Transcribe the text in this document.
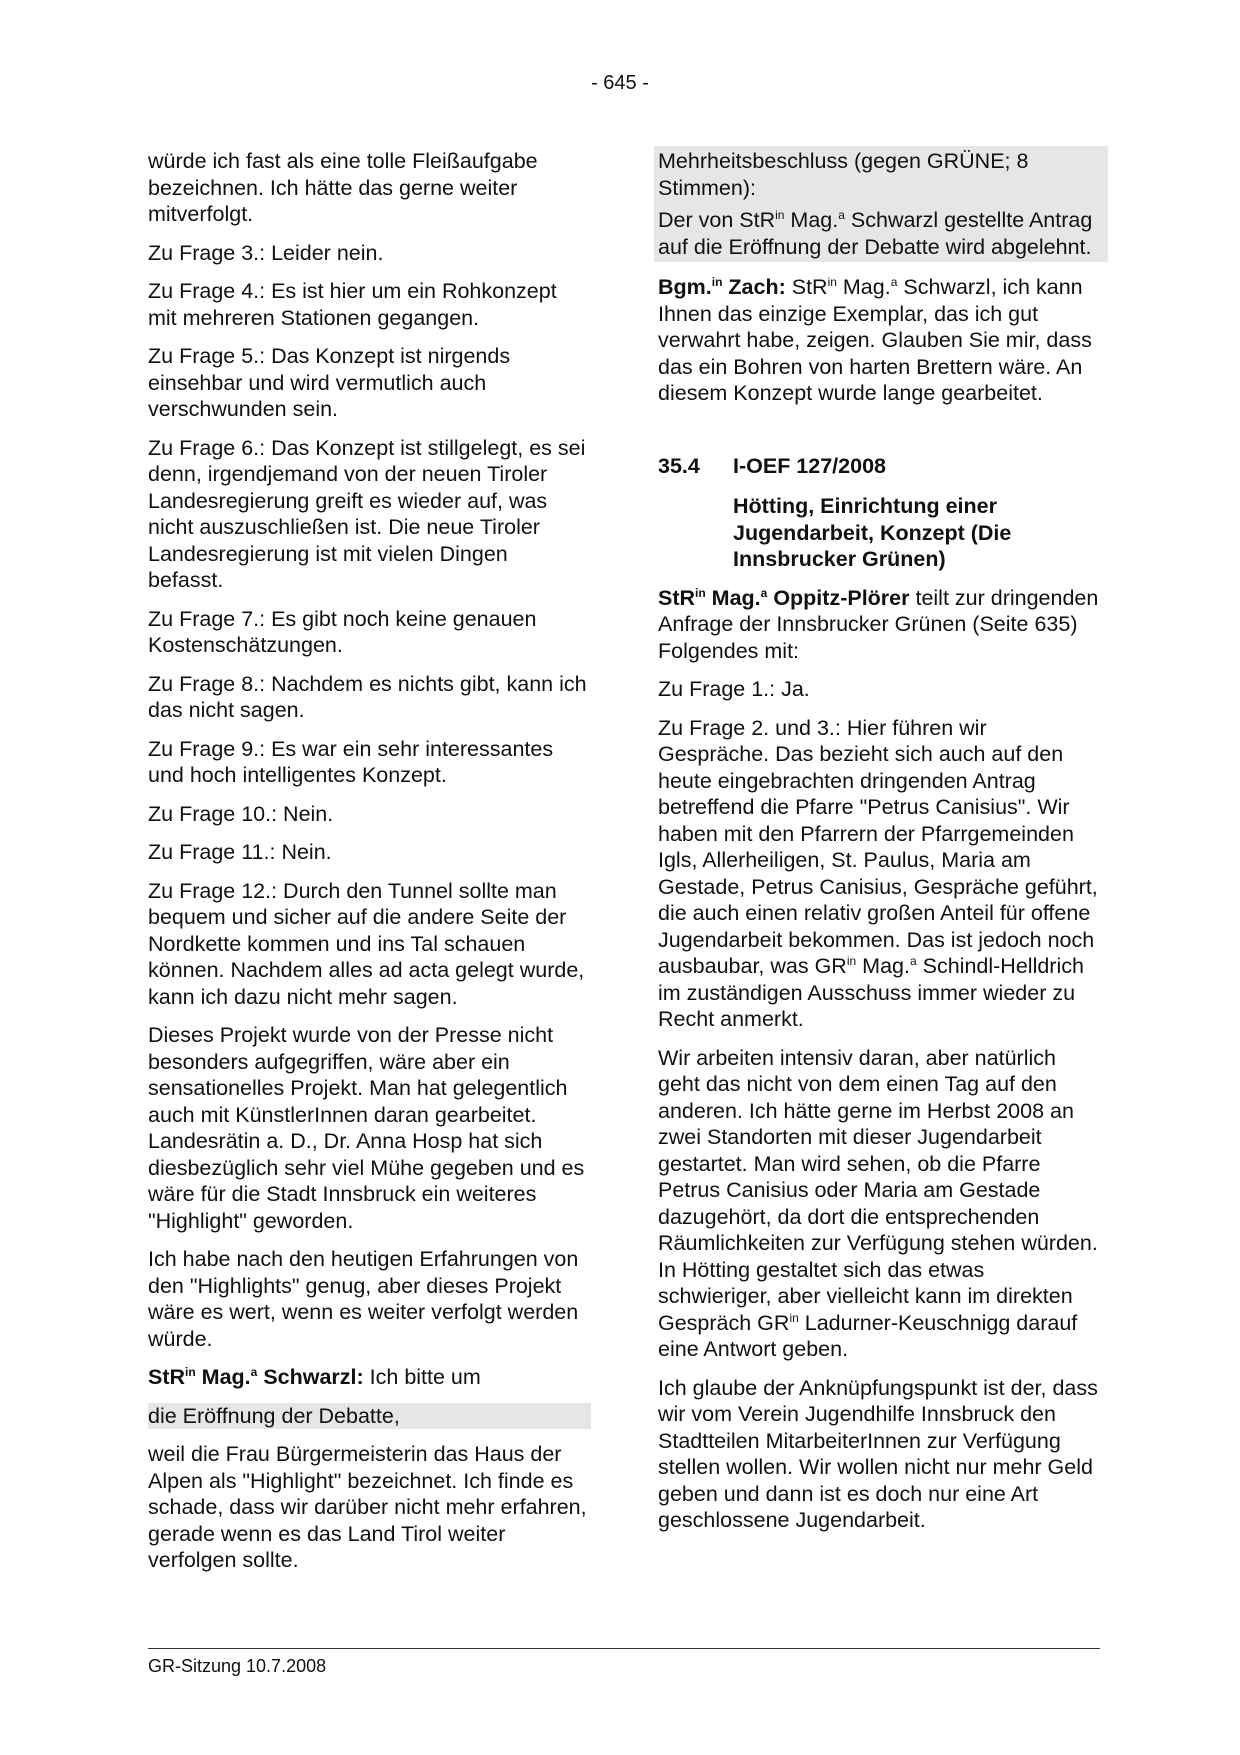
- 645 -

würde ich fast als eine tolle Fleißaufgabe bezeichnen. Ich hätte das gerne weiter mitverfolgt.

Zu Frage 3.: Leider nein.

Zu Frage 4.: Es ist hier um ein Rohkonzept mit mehreren Stationen gegangen.

Zu Frage 5.: Das Konzept ist nirgends einsehbar und wird vermutlich auch verschwunden sein.

Zu Frage 6.: Das Konzept ist stillgelegt, es sei denn, irgendjemand von der neuen Tiroler Landesregierung greift es wieder auf, was nicht auszuschließen ist. Die neue Tiroler Landesregierung ist mit vielen Dingen befasst.

Zu Frage 7.: Es gibt noch keine genauen Kostenschätzungen.

Zu Frage 8.: Nachdem es nichts gibt, kann ich das nicht sagen.

Zu Frage 9.: Es war ein sehr interessantes und hoch intelligentes Konzept.

Zu Frage 10.: Nein.

Zu Frage 11.: Nein.

Zu Frage 12.: Durch den Tunnel sollte man bequem und sicher auf die andere Seite der Nordkette kommen und ins Tal schauen können. Nachdem alles ad acta gelegt wurde, kann ich dazu nicht mehr sagen.

Dieses Projekt wurde von der Presse nicht besonders aufgegriffen, wäre aber ein sensationelles Projekt. Man hat gelegentlich auch mit KünstlerInnen daran gearbeitet. Landesrätin a. D., Dr. Anna Hosp hat sich diesbezüglich sehr viel Mühe gegeben und es wäre für die Stadt Innsbruck ein weiteres "Highlight" geworden.

Ich habe nach den heutigen Erfahrungen von den "Highlights" genug, aber dieses Projekt wäre es wert, wenn es weiter verfolgt werden würde.

StR$^{in}$ Mag.$^a$ Schwarzl: Ich bitte um

die Eröffnung der Debatte,

weil die Frau Bürgermeisterin das Haus der Alpen als "Highlight" bezeichnet. Ich finde es schade, dass wir darüber nicht mehr erfahren, gerade wenn es das Land Tirol weiter verfolgen sollte.

Mehrheitsbeschluss (gegen GRÜNE; 8 Stimmen):

Der von StR$^{in}$ Mag.$^a$ Schwarzl gestellte Antrag auf die Eröffnung der Debatte wird abgelehnt.

Bgm.$^{in}$ Zach: StR$^{in}$ Mag.$^a$ Schwarzl, ich kann Ihnen das einzige Exemplar, das ich gut verwahrt habe, zeigen. Glauben Sie mir, dass das ein Bohren von harten Brettern wäre. An diesem Konzept wurde lange gearbeitet.

35.4	I-OEF 127/2008
Hötting, Einrichtung einer Jugendarbeit, Konzept (Die Innsbrucker Grünen)

StR$^{in}$ Mag.$^a$ Oppitz-Plörer teilt zur dringenden Anfrage der Innsbrucker Grünen (Seite 635) Folgendes mit:

Zu Frage 1.: Ja.

Zu Frage 2. und 3.: Hier führen wir Gespräche. Das bezieht sich auch auf den heute eingebrachten dringenden Antrag betreffend die Pfarre "Petrus Canisius". Wir haben mit den Pfarrern der Pfarrgemeinden Igls, Allerheiligen, St. Paulus, Maria am Gestade, Petrus Canisius, Gespräche geführt, die auch einen relativ großen Anteil für offene Jugendarbeit bekommen. Das ist jedoch noch ausbaubar, was $GR^{in}$ Mag.$^a$ Schindl-Helldrich im zuständigen Ausschuss immer wieder zu Recht anmerkt.

Wir arbeiten intensiv daran, aber natürlich geht das nicht von dem einen Tag auf den anderen. Ich hätte gerne im Herbst 2008 an zwei Standorten mit dieser Jugendarbeit gestartet. Man wird sehen, ob die Pfarre Petrus Canisius oder Maria am Gestade dazugehört, da dort die entsprechenden Räumlichkeiten zur Verfügung stehen würden. In Hötting gestaltet sich das etwas schwieriger, aber vielleicht kann im direkten Gespräch $GR^{in}$ Ladurner-Keuschnigg darauf eine Antwort geben.

Ich glaube der Anknüpfungspunkt ist der, dass wir vom Verein Jugendhilfe Innsbruck den Stadtteilen MitarbeiterInnen zur Verfügung stellen wollen. Wir wollen nicht nur mehr Geld geben und dann ist es doch nur eine Art geschlossene Jugendarbeit.

GR-Sitzung 10.7.2008
